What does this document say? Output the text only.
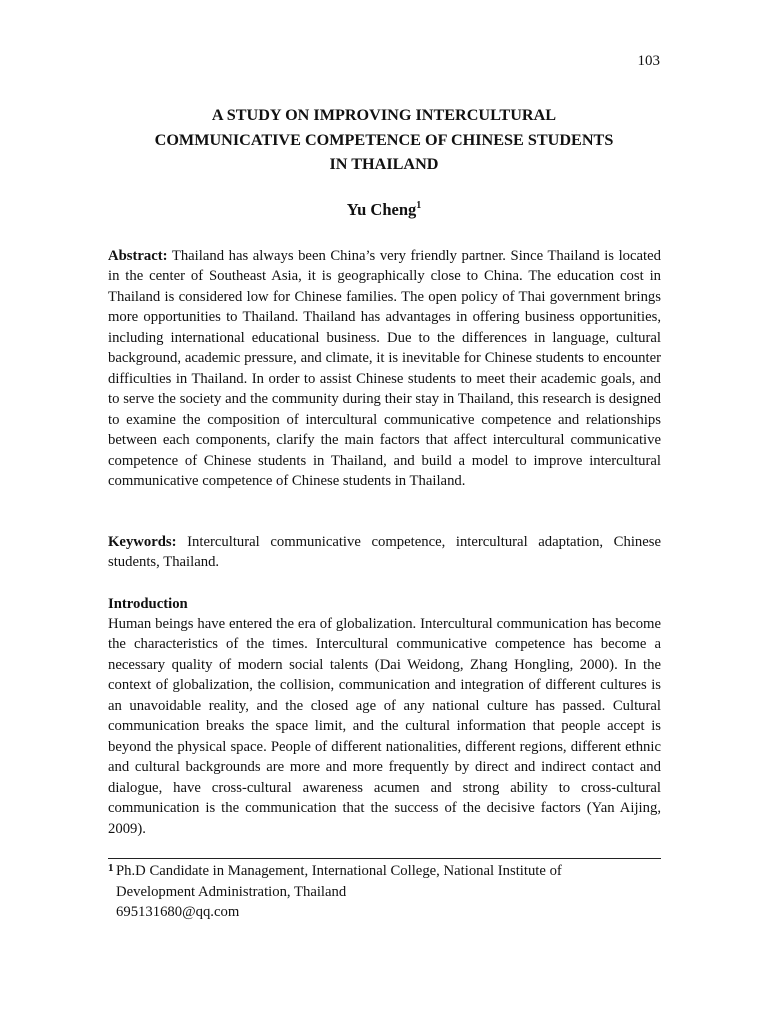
103
A STUDY ON IMPROVING INTERCULTURAL
COMMUNICATIVE COMPETENCE OF CHINESE STUDENTS
IN THAILAND
Yu Cheng$^1$

Abstract: Thailand has always been China’s very friendly partner. Since Thailand is located in the center of Southeast Asia, it is geographically close to China. The education cost in Thailand is considered low for Chinese families. The open policy of Thai government brings more opportunities to Thailand. Thailand has advantages in offering business opportunities, including international educational business. Due to the differences in language, cultural background, academic pressure, and climate, it is inevitable for Chinese students to encounter difficulties in Thailand. In order to assist Chinese students to meet their academic goals, and to serve the society and the community during their stay in Thailand, this research is designed to examine the composition of intercultural communicative competence and relationships between each components, clarify the main factors that affect intercultural communicative competence of Chinese students in Thailand, and build a model to improve intercultural communicative competence of Chinese students in Thailand.

Keywords: Intercultural communicative competence, intercultural adaptation, Chinese students, Thailand.

Introduction

Human beings have entered the era of globalization. Intercultural communication has become the characteristics of the times. Intercultural communicative competence has become a necessary quality of modern social talents (Dai Weidong, Zhang Hongling, 2000). In the context of globalization, the collision, communication and integration of different cultures is an unavoidable reality, and the closed age of any national culture has passed. Cultural communication breaks the space limit, and the cultural information that people accept is beyond the physical space. People of different nationalities, different regions, different ethnic and cultural backgrounds are more and more frequently by direct and indirect contact and dialogue, have cross-cultural awareness acumen and strong ability to cross-cultural communication is the communication that the success of the decisive factors (Yan Aijing, 2009).

1 Ph.D Candidate in Management, International College, National Institute of
Development Administration, Thailand
695131680@qq.com
